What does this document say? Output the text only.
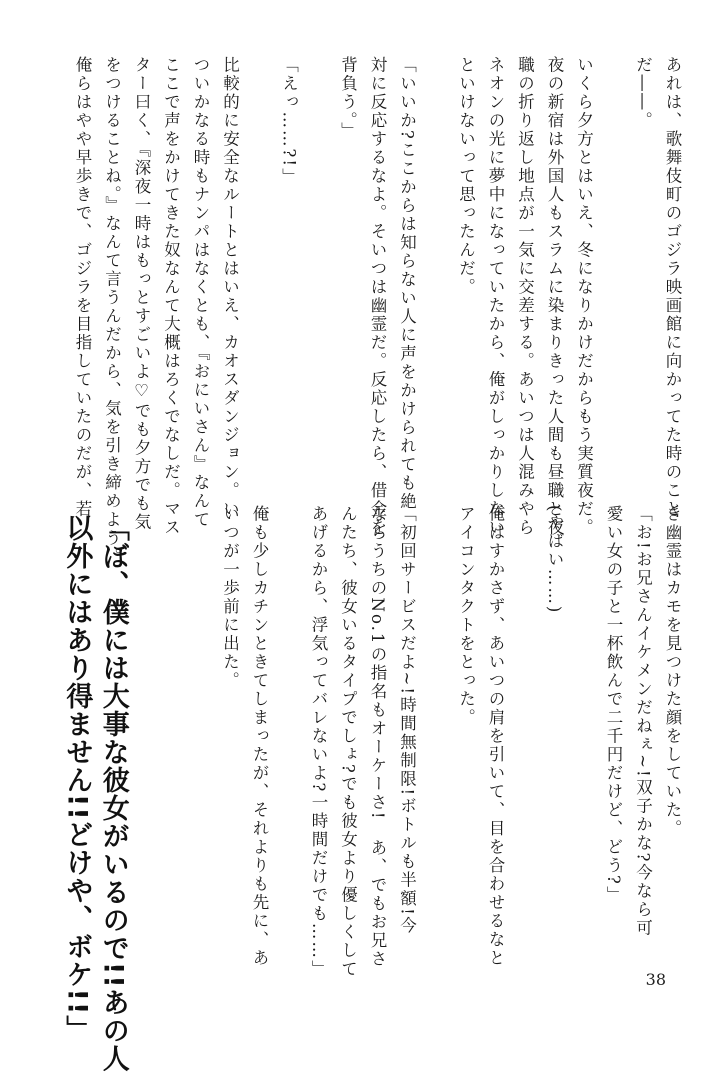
あれは、歌舞伎町のゴジラ映画館に向かってた時のこと
だ――。

いくら夕方とはいえ、冬になりかけだからもう実質夜だ。
夜の新宿は外国人もスラムに染まりきった人間も昼職と夜
職の折り返し地点が一気に交差する。あいつは人混みやら
ネオンの光に夢中になっていたから、俺がしっかりしない
といけないって思ったんだ。

「いいか?ここからは知らない人に声をかけられても絶
対に反応するなよ。そいつは幽霊だ。反応したら、借金を
背負う。」

「えっ……?!」

比較的に安全なルートとはいえ、カオスダンジョン。い
ついかなる時もナンパはなくとも、『おにいさん』なんて
ここで声をかけてきた奴なんて大概はろくでなしだ。マス
ター曰く、『深夜一時はもっとすごいよ♡でも夕方でも気
をつけることね。』なんて言うんだから、気を引き締めよう。
俺らはやや早歩きで、ゴジラを目指していたのだが、若
き幽霊はカモを見つけた顔をしていた。
「お!お兄さんイケメンだねぇ~!双子かな?今なら可
愛い女の子と一杯飲んで二千円だけど、どう?」

(やばい……)

俺はすかさず、あいつの肩を引いて、目を合わせるなと
アイコンタクトをとった。

「初回サービスだよ~!時間無制限!ボトルも半額!今
ならうちのNo.1の指名もオーケーさ!　あ、でもお兄さ
んたち、彼女いるタイプでしょ?でも彼女より優しくして
あげるから、浮気ってバレないよ?一時間だけでも……」

俺も少しカチンときてしまったが、それよりも先に、あ
いつが一歩前に出た。
「ぼ、僕には大事な彼女がいるので!!あの人
以外にはあり得ません!!どけや、ボケ!!」	38
